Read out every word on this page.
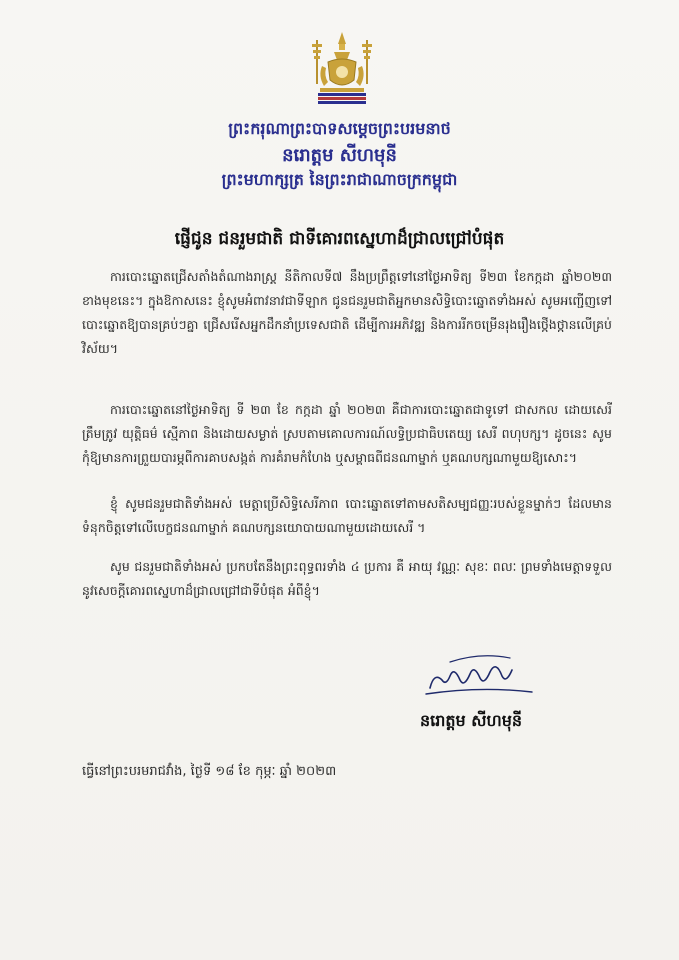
ព្រះករុណាព្រះបាទសម្តេចព្រះបរមនាថ
នរោត្តម សីហមុនី
ព្រះមហាក្សត្រ នៃព្រះរាជាណាចក្រកម្ពុជា
ផ្ញើជូន ជនរួមជាតិ ជាទីគោរពស្នេហាដ៏ជ្រាលជ្រៅបំផុត

ការបោះឆ្នោតជ្រើសតាំងតំណាងរាស្ត្រ នីតិកាលទី៧ នឹងប្រព្រឹត្តទៅនៅថ្ងៃអាទិត្យ ទី២៣ ខែកក្កដា ឆ្នាំ២០២៣ ខាងមុខនេះ។ ក្នុងឱកាសនេះ ខ្ញុំសូមអំពាវនាវជាទីឡាក ជូនជនរួមជាតិអ្នកមានសិទ្ធិបោះឆ្នោតទាំងអស់ សូមអញ្ជើញទៅបោះឆ្នោតឱ្យបានគ្រប់ៗគ្នា ជ្រើសរើសអ្នកដឹកនាំប្រទេសជាតិ ដើម្បីការអភិវឌ្ឍ និងការរីកចម្រើនរុងរឿងថ្កើងថ្កានលើគ្រប់វិស័យ។

ការបោះឆ្នោតនៅថ្ងៃអាទិត្យ ទី ២៣ ខែ កក្កដា ឆ្នាំ ២០២៣ គឺជាការបោះឆ្នោតជាទូទៅ ជាសកល ដោយសេរី ត្រឹមត្រូវ យុត្តិធម៌ ស្មើភាព និងដោយសម្ងាត់ ស្របតាមគោលការណ៍លទ្ធិប្រជាធិបតេយ្យ សេរី ពហុបក្ស។ ដូចនេះ សូមកុំឱ្យមានការព្រួយបារម្ភពីការគាបសង្កត់ ការគំរាមកំហែង ឬសម្ពាធពីជនណាម្នាក់ ឬគណបក្សណាមួយឱ្យសោះ។

ខ្ញុំ សូមជនរួមជាតិទាំងអស់ មេត្តាប្រើសិទ្ធិសេរីភាព បោះឆ្នោតទៅតាមសតិសម្បជញ្ញៈរបស់ខ្លួនម្នាក់ៗ ដែលមានទំនុកចិត្តទៅលើបេក្ខជនណាម្នាក់ គណបក្សនយោបាយណាមួយដោយសេរី ។

សូម ជនរួមជាតិទាំងអស់ ប្រកបតែនឹងព្រះពុទ្ធពរទាំង ៤ ប្រការ គឺ អាយុ វណ្ណៈ សុខៈ ពលៈ ព្រមទាំងមេត្តាទទួលនូវសេចក្តីគោរពស្នេហាដ៏ជ្រាលជ្រៅជាទីបំផុត អំពីខ្ញុំ។

នរោត្តម សីហមុនី
ធ្វើនៅព្រះបរមរាជវាំង, ថ្ងៃទី ១៨ ខែ កុម្ភៈ ឆ្នាំ ២០២៣
